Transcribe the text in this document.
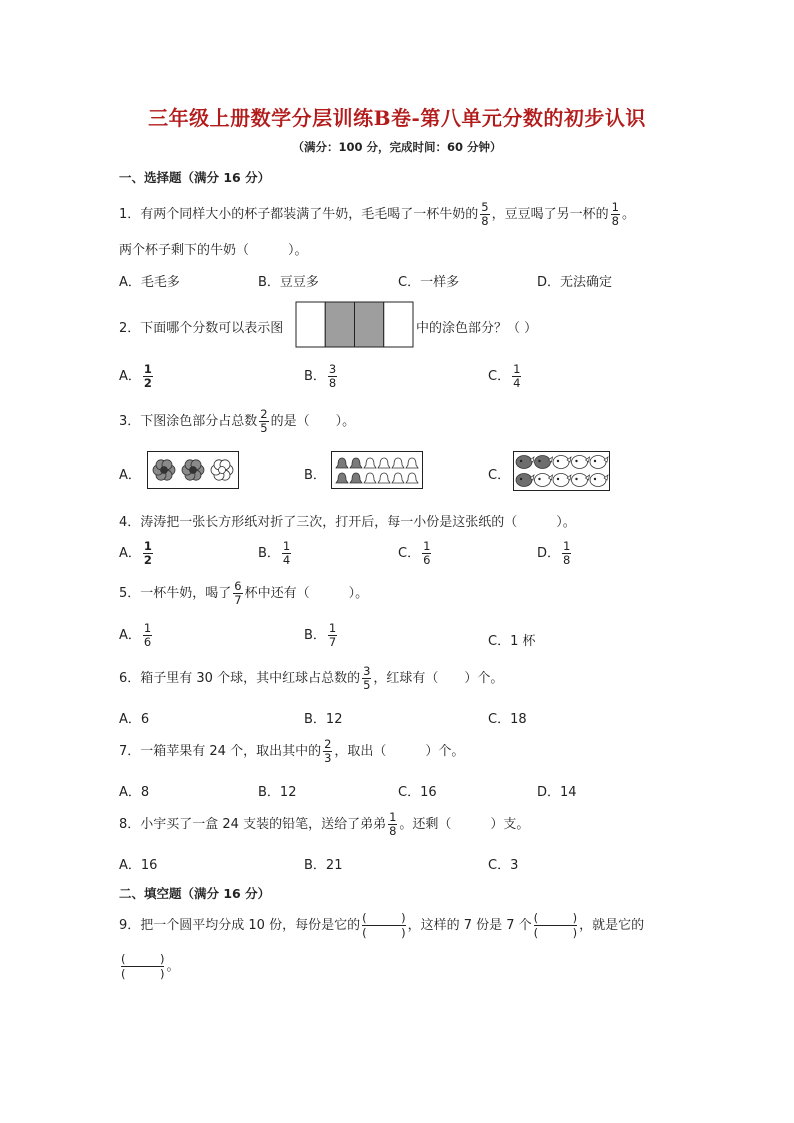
三年级上册数学分层训练B卷-第八单元分数的初步认识
（满分：100 分，完成时间：60 分钟）
一、选择题（满分 16 分）
1．有两个同样大小的杯子都装满了牛奶，毛毛喝了一杯牛奶的 $\frac{5}{8}$ ，豆豆喝了另一杯的 $\frac{1}{8}$ 。
两个杯子剩下的牛奶（　　　）。
A．毛毛多	B．豆豆多	C．一样多	D．无法确定
2．下面哪个分数可以表示图	中的涂色部分？（ ）
A． $\frac{1}{2}$	B． $\frac{3}{8}$	C． $\frac{1}{4}$
3．下图涂色部分占总数 $\frac{2}{5}$ 的是（　　）。
A．	B．	C．
4．涛涛把一张长方形纸对折了三次，打开后，每一小份是这张纸的（　　　）。
A． $\frac{1}{2}$	B． $\frac{1}{4}$	C． $\frac{1}{6}$	D． $\frac{1}{8}$
5．一杯牛奶，喝了 $\frac{6}{7}$ 杯中还有（　　　）。
A． $\frac{1}{6}$	B． $\frac{1}{7}$	C．1 杯
6．箱子里有 30 个球，其中红球占总数的 $\frac{3}{5}$ ，红球有（　　）个。
A．6	B．12	C．18
7．一箱苹果有 24 个，取出其中的 $\frac{2}{3}$ ，取出（　　　）个。
A．8	B．12	C．16	D．14
8．小宇买了一盒 24 支装的铅笔，送给了弟弟 $\frac{1}{8}$ 。还剩（　　　）支。
A．16	B．21	C．3
二、填空题（满分 16 分）
9．把一个圆平均分成 10 份，每份是它的 (　　　)
(　　　) ，这样的 7 份是 7 个 (　　　)
(　　　) ，就是它的
(　　　)
(　　　) 。
